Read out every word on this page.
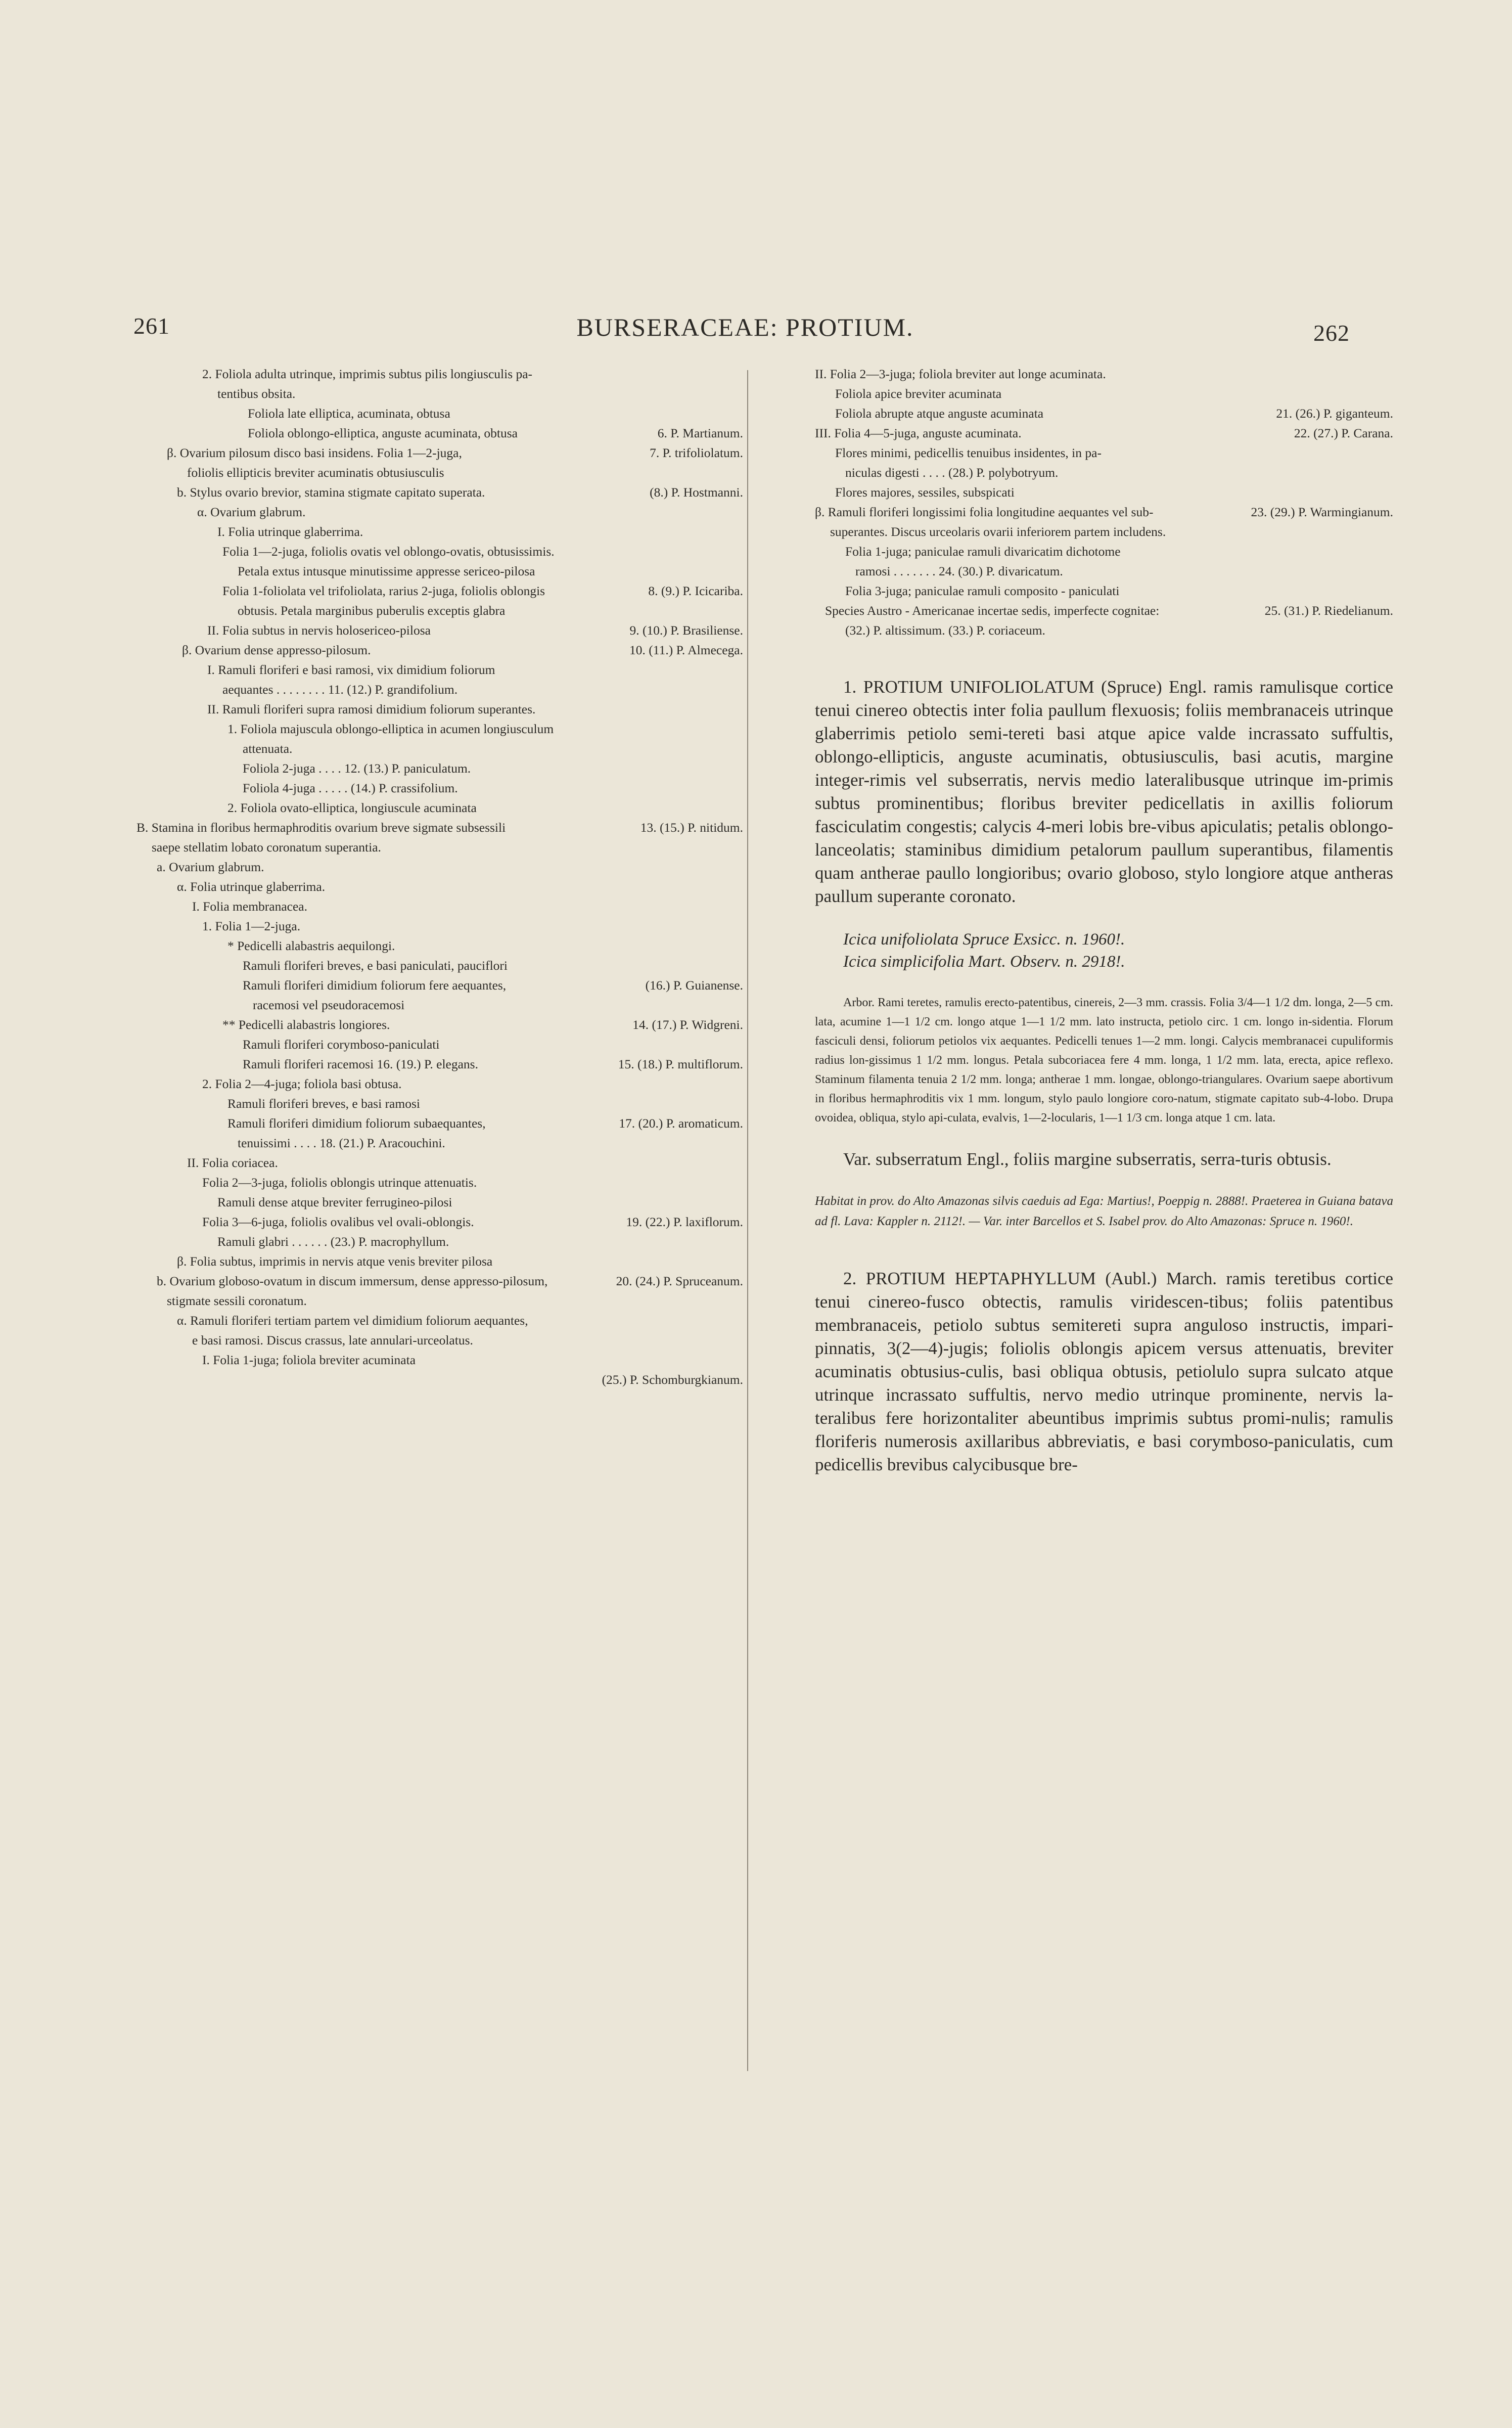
261	BURSERACEAE: PROTIUM.	262
2. Foliola adulta utrinque, imprimis subtus pilis longiusculis pa-
tentibus obsita.
Foliola late elliptica, acuminata, obtusa
6. P. Martianum.
Foliola oblongo-elliptica, anguste acuminata, obtusa
7. P. trifoliolatum.
β. Ovarium pilosum disco basi insidens. Folia 1—2-juga,
foliolis ellipticis breviter acuminatis obtusiusculis
(8.) P. Hostmanni.
b. Stylus ovario brevior, stamina stigmate capitato superata.
α. Ovarium glabrum.
I. Folia utrinque glaberrima.
Folia 1—2-juga, foliolis ovatis vel oblongo-ovatis, obtusissimis.
Petala extus intusque minutissime appresse sericeo-pilosa
8. (9.) P. Icicariba.
Folia 1-foliolata vel trifoliolata, rarius 2-juga, foliolis oblongis
obtusis. Petala marginibus puberulis exceptis glabra
9. (10.) P. Brasiliense.
II. Folia subtus in nervis holosericeo-pilosa
10. (11.) P. Almecega.
β. Ovarium dense appresso-pilosum.
I. Ramuli floriferi e basi ramosi, vix dimidium foliorum
aequantes . . . . . . . . 11. (12.) P. grandifolium.
II. Ramuli floriferi supra ramosi dimidium foliorum superantes.
1. Foliola majuscula oblongo-elliptica in acumen longiusculum
attenuata.
Foliola 2-juga . . . . 12. (13.) P. paniculatum.
Foliola 4-juga . . . . . (14.) P. crassifolium.
2. Foliola ovato-elliptica, longiuscule acuminata
13. (15.) P. nitidum.
B. Stamina in floribus hermaphroditis ovarium breve sigmate subsessili
saepe stellatim lobato coronatum superantia.
a. Ovarium glabrum.
α. Folia utrinque glaberrima.
I. Folia membranacea.
1. Folia 1—2-juga.
* Pedicelli alabastris aequilongi.
Ramuli floriferi breves, e basi paniculati, pauciflori
(16.) P. Guianense.
Ramuli floriferi dimidium foliorum fere aequantes,
racemosi vel pseudoracemosi
14. (17.) P. Widgreni.
** Pedicelli alabastris longiores.
Ramuli floriferi corymboso-paniculati
15. (18.) P. multiflorum.
Ramuli floriferi racemosi 16. (19.) P. elegans.
2. Folia 2—4-juga; foliola basi obtusa.
Ramuli floriferi breves, e basi ramosi
17. (20.) P. aromaticum.
Ramuli floriferi dimidium foliorum subaequantes,
tenuissimi . . . . 18. (21.) P. Aracouchini.
II. Folia coriacea.
Folia 2—3-juga, foliolis oblongis utrinque attenuatis.
Ramuli dense atque breviter ferrugineo-pilosi
19. (22.) P. laxiflorum.
Folia 3—6-juga, foliolis ovalibus vel ovali-oblongis.
Ramuli glabri . . . . . . (23.) P. macrophyllum.
β. Folia subtus, imprimis in nervis atque venis breviter pilosa
20. (24.) P. Spruceanum.
b. Ovarium globoso-ovatum in discum immersum, dense appresso-pilosum,
stigmate sessili coronatum.
α. Ramuli floriferi tertiam partem vel dimidium foliorum aequantes,
e basi ramosi. Discus crassus, late annulari-urceolatus.
I. Folia 1-juga; foliola breviter acuminata
(25.) P. Schomburgkianum.
II. Folia 2—3-juga; foliola breviter aut longe acuminata.
Foliola apice breviter acuminata
21. (26.) P. giganteum.
Foliola abrupte atque anguste acuminata
22. (27.) P. Carana.
III. Folia 4—5-juga, anguste acuminata.
Flores minimi, pedicellis tenuibus insidentes, in pa-
niculas digesti . . . . (28.) P. polybotryum.
Flores majores, sessiles, subspicati
23. (29.) P. Warmingianum.
β. Ramuli floriferi longissimi folia longitudine aequantes vel sub-
superantes. Discus urceolaris ovarii inferiorem partem includens.
Folia 1-juga; paniculae ramuli divaricatim dichotome
ramosi . . . . . . . 24. (30.) P. divaricatum.
Folia 3-juga; paniculae ramuli composito - paniculati
25. (31.) P. Riedelianum.
Species Austro - Americanae incertae sedis, imperfecte cognitae:
(32.) P. altissimum. (33.) P. coriaceum.
1. PROTIUM UNIFOLIOLATUM (Spruce) Engl. ramis ramulisque cortice tenui cinereo obtectis inter folia paullum flexuosis; foliis membranaceis utrinque glaberrimis petiolo semi-tereti basi atque apice valde incrassato suffultis, oblongo-ellipticis, anguste acuminatis, obtusiusculis, basi acutis, margine integer-rimis vel subserratis, nervis medio lateralibusque utrinque im-primis subtus prominentibus; floribus breviter pedicellatis in axillis foliorum fasciculatim congestis; calycis 4-meri lobis bre-vibus apiculatis; petalis oblongo-lanceolatis; staminibus dimidium petalorum paullum superantibus, filamentis quam antherae paullo longioribus; ovario globoso, stylo longiore atque antheras paullum superante coronato.
Icica unifoliolata Spruce Exsicc. n. 1960!.
Icica simplicifolia Mart. Observ. n. 2918!.
Arbor. Rami teretes, ramulis erecto-patentibus, cinereis, 2—3 mm. crassis. Folia 3/4—1 1/2 dm. longa, 2—5 cm. lata, acumine 1—1 1/2 cm. longo atque 1—1 1/2 mm. lato instructa, petiolo circ. 1 cm. longo in-sidentia. Florum fasciculi densi, foliorum petiolos vix aequantes. Pedicelli tenues 1—2 mm. longi. Calycis membranacei cupuliformis radius lon-gissimus 1 1/2 mm. longus. Petala subcoriacea fere 4 mm. longa, 1 1/2 mm. lata, erecta, apice reflexo. Staminum filamenta tenuia 2 1/2 mm. longa; antherae 1 mm. longae, oblongo-triangulares. Ovarium saepe abortivum in floribus hermaphroditis vix 1 mm. longum, stylo paulo longiore coro-natum, stigmate capitato sub-4-lobo. Drupa ovoidea, obliqua, stylo api-culata, evalvis, 1—2-locularis, 1—1 1/3 cm. longa atque 1 cm. lata.
Var. subserratum Engl., foliis margine subserratis, serra-turis obtusis.
Habitat in prov. do Alto Amazonas silvis caeduis ad Ega: Martius!, Poeppig n. 2888!. Praeterea in Guiana batava ad fl. Lava: Kappler n. 2112!. — Var. inter Barcellos et S. Isabel prov. do Alto Amazonas: Spruce n. 1960!.
2. PROTIUM HEPTAPHYLLUM (Aubl.) March. ramis teretibus cortice tenui cinereo-fusco obtectis, ramulis viridescen-tibus; foliis patentibus membranaceis, petiolo subtus semitereti supra anguloso instructis, impari-pinnatis, 3(2—4)-jugis; foliolis oblongis apicem versus attenuatis, breviter acuminatis obtusius-culis, basi obliqua obtusis, petiolulo supra sulcato atque utrinque incrassato suffultis, nervo medio utrinque prominente, nervis la-teralibus fere horizontaliter abeuntibus imprimis subtus promi-nulis; ramulis floriferis numerosis axillaribus abbreviatis, e basi corymboso-paniculatis, cum pedicellis brevibus calycibusque bre-
